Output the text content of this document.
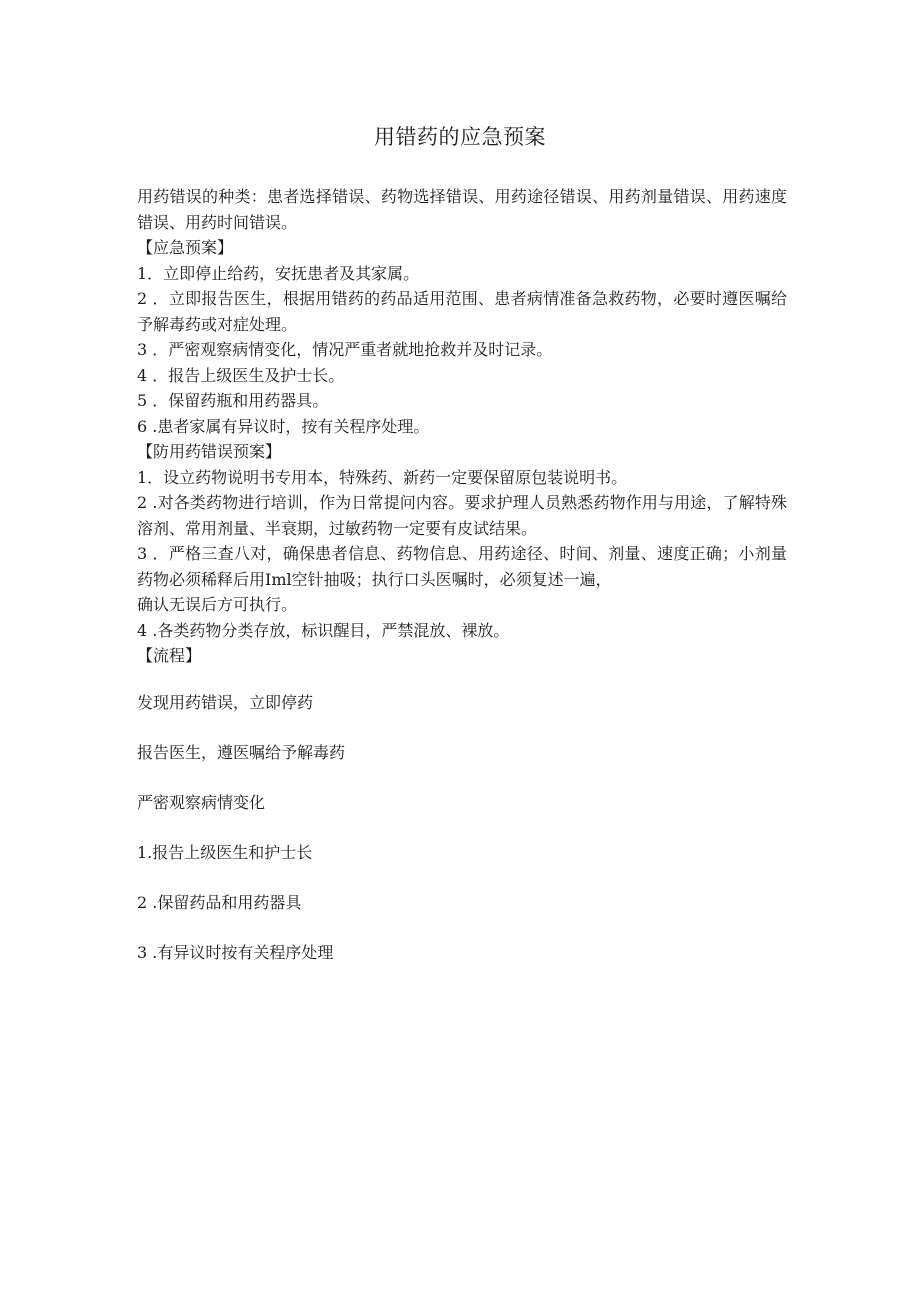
用错药的应急预案

用药错误的种类：患者选择错误、药物选择错误、用药途径错误、用药剂量错误、用药速度错误、用药时间错误。

【应急预案】

1．立即停止给药，安抚患者及其家属。

2 ．立即报告医生，根据用错药的药品适用范围、患者病情准备急救药物，必要时遵医嘱给予解毒药或对症处理。

3 ．严密观察病情变化，情况严重者就地抢救并及时记录。

4 ．报告上级医生及护士长。

5 ．保留药瓶和用药器具。

6 .患者家属有异议时，按有关程序处理。

【防用药错误预案】

1．设立药物说明书专用本，特殊药、新药一定要保留原包装说明书。

2 .对各类药物进行培训，作为日常提问内容。要求护理人员熟悉药物作用与用途，了解特殊溶剂、常用剂量、半衰期，过敏药物一定要有皮试结果。

3 ．严格三查八对，确保患者信息、药物信息、用药途径、时间、剂量、速度正确；小剂量药物必须稀释后用Iml空针抽吸；执行口头医嘱时，必须复述一遍，

确认无误后方可执行。

4 .各类药物分类存放，标识醒目，严禁混放、裸放。

【流程】

发现用药错误，立即停药

报告医生，遵医嘱给予解毒药

严密观察病情变化

1.报告上级医生和护士长

2 .保留药品和用药器具

3 .有异议时按有关程序处理
